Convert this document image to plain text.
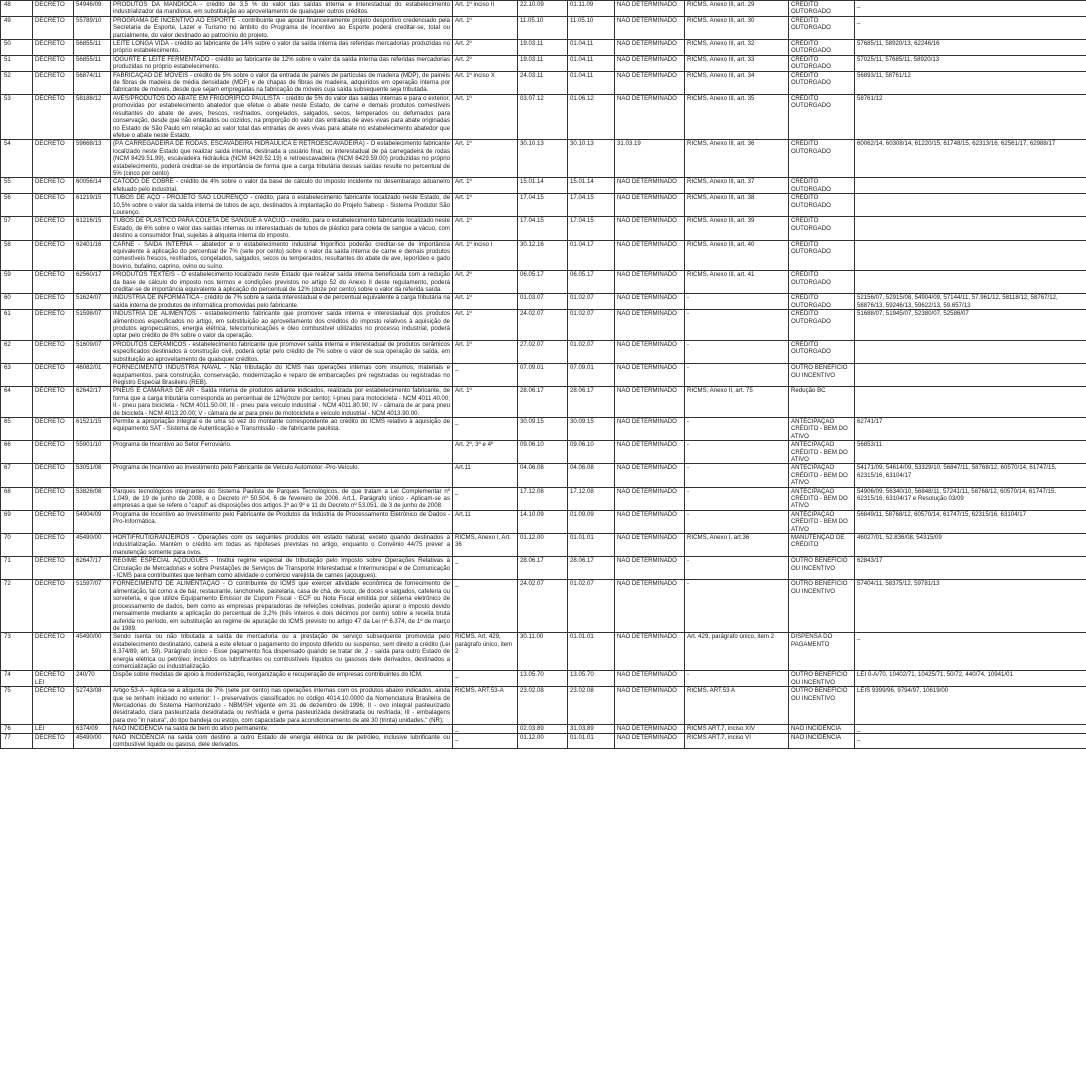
48	DECRETO	54946/09	PRODUTOS DA MANDIOCA - crédito de 3,5 % do valor das saídas interna e interestadual do estabelecimento industrializador da mandioca, em substituição ao aproveitamento de quaisquer outros créditos.	Art. 1º inciso II	22.10.09	01.11.09	NÃO DETERMINADO	RICMS, Anexo III, art. 29	CRÉDITO OUTORGADO	_
49	DECRETO	55789/10	PROGRAMA DE INCENTIVO AO ESPORTE - contribuinte que apoiar financeiramente projeto desportivo credenciado pela Secretaria de Esporte, Lazer e Turismo no âmbito do Programa de Incentivo ao Esporte poderá creditar-se, total ou parcialmente, do valor destinado ao patrocínio do projeto.	Art. 1º	11.05.10	11.05.10	NÃO DETERMINADO	RICMS, Anexo III, art. 30	CRÉDITO OUTORGADO	_
50	DECRETO	56855/11	LEITE LONGA VIDA - crédito ao fabricante de 14% sobre o valor da saída interna das referidas mercadorias produzidas no próprio estabelecimento.	Art. 2º	19.03.11	01.04.11	NÃO DETERMINADO	RICMS, Anexo III, art. 32	CRÉDITO OUTORGADO	57685/11, 58920/13, 62246/16
51	DECRETO	56855/11	IOGURTE E LEITE FERMENTADO - crédito ao fabricante de 12% sobre o valor da saída interna das referidas mercadorias produzidas no próprio estabelecimento.	Art. 2º	19.03.11	01.04.11	NÃO DETERMINADO	RICMS, Anexo III, art. 33	CRÉDITO OUTORGADO	57025/11, 57685/11, 58920/13
52	DECRETO	56874/11	FABRICAÇÃO DE MÓVEIS - crédito de 5% sobre o valor da entrada de painéis de partículas de madeira (MDP), de painéis de fibras de madeira de média densidade (MDF) e de chapas de fibras de madeira, adquiridos em operação interna por fabricante de móveis, desde que sejam empregadas na fabricação de móveis cuja saída subsequente seja tributada.	Art. 1º inciso X	24.03.11	01.04.11	NÃO DETERMINADO	RICMS, Anexo III, art. 34	CRÉDITO OUTORGADO	56893/11, 58761/12
53	DECRETO	58188/12	AVES/PRODUTOS DO ABATE EM FRIGORÍFICO PAULISTA - crédito de 5% do valor das saídas internas e para o exterior, promovidas por estabelecimento abatedor que efetue o abate neste Estado, de carne e demais produtos comestíveis resultantes do abate de aves, frescos, resfriados, congelados, salgados, secos, temperados ou defumados para conservação, desde que não enlatados ou cozidos, na proporção do valor das entradas de aves vivas para abate originadas no Estado de São Paulo em relação ao valor total das entradas de aves vivas para abate no estabelecimento abatedor que efetue o abate neste Estado.	Art. 1º	03.07.12	01.06.12	NÃO DETERMINADO	RICMS, Anexo III, art. 35	CRÉDITO OUTORGADO	58761/12
54	DECRETO	59668/13	(PÁ CARREGADEIRA DE RODAS, ESCAVADEIRA HIDRÁULICA E RETROESCAVADEIRA) - O estabelecimento fabricante localizado neste Estado que realizar saída interna, destinada a usuário final, ou interestadual de pá carregadeira de rodas (NCM 8429.51.99), escavadeira hidráulica (NCM 8429.52.19) e retroescavadeira (NCM 8429.59.00) produzidas no próprio estabelecimento, poderá creditar-se de importância de forma que a carga tributária dessas saídas resulte no percentual de 5% (cinco por cento)	Art. 1º	30.10.13	30.10.13	31.03.19	RICMS, Anexo III, art. 36	CRÉDITO OUTORGADO	60062/14, 60308/14, 61220/15, 61748/15, 62313/16, 62561/17, 62988/17
55	DECRETO	60056/14	CÁTODO DE COBRE - crédito de 4% sobre o valor da base de cálculo do imposto incidente no desembaraço aduaneiro efetuado pelo industrial.	Art. 1º	15.01.14	15.01.14	NÃO DETERMINADO	RICMS, Anexo III, art. 37	CRÉDITO OUTORGADO	
56	DECRETO	61219/15	TUBOS DE AÇO - PROJETO SÃO LOURENÇO - crédito, para o estabelecimento fabricante localizado neste Estado, de 10,5% sobre o valor da saída interna de tubos de aço, destinados à implantação do Projeto Sabesp - Sistema Produtor São Lourenço.	Art. 1º	17.04.15	17.04.15	NÃO DETERMINADO	RICMS, Anexo III, art. 38	CRÉDITO OUTORGADO	
57	DECRETO	61216/15	TUBOS DE PLÁSTICO PARA COLETA DE SANGUE A VÁCUO - crédito, para o estabelecimento fabricante localizado neste Estado, de 6% sobre o valor das saídas internas ou interestaduais de tubos de plástico para coleta de sangue a vácuo, com destino a consumidor final, sujeitas à alíquota interna do imposto.	Art. 1º	17.04.15	17.04.15	NÃO DETERMINADO	RICMS, Anexo III, art. 39	CRÉDITO OUTORGADO	
58	DECRETO	62401/16	CARNE - SAÍDA INTERNA - abatedor e o estabelecimento industrial frigorífico poderão creditar-se de importância equivalente à aplicação do percentual de 7% (sete por cento) sobre o valor da saída interna de carne e demais produtos comestíveis frescos, resfriados, congelados, salgados, secos ou temperados, resultantes do abate de ave, leporídeo e gado bovino, bufalino, caprino, ovino ou suíno.	Art. 1º inciso I	30.12.16	01.04.17	NÃO DETERMINADO	RICMS, Anexo III, art. 40	CRÉDITO OUTORGADO	
59	DECRETO	62560/17	PRODUTOS TÊXTEIS - O estabelecimento localizado neste Estado que realizar saída interna beneficiada com a redução da base de cálculo do imposto nos termos e condições previstos no artigo 52 do Anexo II deste regulamento, poderá creditar-se de importância equivalente à aplicação do percentual de 12% (doze por cento) sobre o valor da referida saída.	Art. 2º	06.05.17	06.05.17	NÃO DETERMINADO	RICMS, Anexo III, art. 41	CRÉDITO OUTORGADO	
60	DECRETO	51624/07	INDÚSTRIA DE INFORMÁTICA - crédito de 7% sobre a saída interestadual e de percentual equivalente à carga tributária na saída interna de produtos de informática promovidas pelo fabricante.	Art. 1º	01.03.07	01.02.07	NÃO DETERMINADO	-	CRÉDITO OUTORGADO	52156/07, 52915/08, 54904/09, 57144/11, 57.961/12, 58118/12, 58767/12, 58876/13, 59246/13, 59622/13, 59.657/13
61	DECRETO	51598/07	INDÚSTRIA DE ALIMENTOS - estabelecimento fabricante que promover saída interna e interestadual dos produtos alimentícios especificados no artigo, em substituição ao aproveitamento dos créditos do imposto relativos à aquisição de produtos agropecuários, energia elétrica, telecomunicações e óleo combustível utilizados no processo industrial, poderá optar pelo crédito de 8% sobre o valor da operação.	Art. 1º	24.02.07	01.02.07	NÃO DETERMINADO	-	CRÉDITO OUTORGADO	51688/07, 51945/07, 52380/07, 52586/07
62	DECRETO	51609/07	PRODUTOS CERÂMICOS - estabelecimento fabricante que promover saída interna e interestadual de produtos cerâmicos especificados destinados à construção civil, poderá optar pelo crédito de 7% sobre o valor de sua operação de saída, em substituição ao aproveitamento de quaisquer créditos.	Art. 1º	27.02.07	01.02.07	NÃO DETERMINADO	-	CRÉDITO OUTORGADO	
63	DECRETO	46082/01	FORNECIMENTO INDÚSTRIA NAVAL - Não tributação do ICMS nas operações internas com insumos, materiais e equipamentos, para construção, conservação, modernização e reparo de embarcações pré registradas ou registradas no Registro Especial Brasileiro (REB).	_	07.09.01	07.09.01	NÃO DETERMINADO	-	OUTRO BENEFÍCIO OU INCENTIVO	
64	DECRETO	62642/17	PNEUS E CÂMARAS DE AR - Saída interna de produtos adiante indicados, realizada por estabelecimento fabricante, de forma que a carga tributária corresponda ao percentual de 12%(doze por cento): I-pneu para motocicleta - NCM 4011.40.00; II - pneu para bicicleta - NCM 4011.50.00; III - pneu para veículo industrial - NCM 4011.80.90; IV - câmara de ar para pneu de bicicleta - NCM 4013.20.00; V - câmara de ar para pneu de motocicleta e veículo industrial - NCM 4013.90.00.	Art. 1º	28.06.17	28.06.17	NÃO DETERMINADO	RICMS, Anexo II, art. 75	Redução BC	
65	DECRETO	61521/15	Permite a apropriação integral e de uma só vez do montante correspondente ao crédito do ICMS relativo à aquisição de equipamento SAT - Sistema de Autenticação e Transmissão - de fabricante paulista.	_	30.09.15	30.09.15	NÃO DETERMINADO	-	ANTECIPAÇÃO CRÉDITO - BEM DO ATIVO	62741/17
66	DECRETO	55901/10	Programa de Incentivo ao Setor Ferroviário.	Art. 2º, 3º e 4º	09.06.10	09.06.10	NÃO DETERMINADO	-	ANTECIPAÇÃO CRÉDITO - BEM DO ATIVO	56853/11
67	DECRETO	53051/08	Programa de Incentivo ao Investimento pelo Fabricante de Veículo Automotor -Pro-Veículo.	Art.11	04.06.08	04.06.08	NÃO DETERMINADO	-	ANTECIPAÇÃO CRÉDITO - BEM DO ATIVO	54171/09, 54614/09, 53329/10, 56847/11, 58768/12, 60570/14, 61747/15, 62315/16, 63104/17
68	DECRETO	53826/08	Parques tecnológicos integrantes do Sistema Paulista de Parques Tecnológicos, de que tratam a Lei Complementar nº 1.049, de 19 de junho de 2008, e o Decreto nº 50.504, 6 de fevereiro de 2006. Art.1, Parágrafo único - Aplicam-se as empresas a que se refere o "caput" as disposições dos artigos 3º ao 9º e 11 do Decreto nº 53.051, de 3 de junho de 2008.	_	17.12.08	17.12.08	NÃO DETERMINADO	-	ANTECIPAÇÃO CRÉDITO - BEM DO ATIVO	54906/09, 56340/10, 56848/11, 57241/11, 58768/12, 60570/14, 61747/15, 62315/16, 63104/17 e Resolução 03/09
69	DECRETO	54904/09	Programa de Incentivo ao Investimento pelo Fabricante de Produtos da Indústria de Processamento Eletrônico de Dados - Pro-Informática.	Art.11	14.10.09	01.09.09	NÃO DETERMINADO	-	ANTECIPAÇÃO CRÉDITO - BEM DO ATIVO	56849/11, 58768/12, 60570/14, 61747/15, 62315/16, 63104/17
70	DECRETO	45490/00	HORTIFRUTIGRANJEIROS - Operações com os seguintes produtos em estado natural, exceto quando destinados à industrialização. Mantém o crédito em todas as hipóteses previstas no artigo, enquanto o Convênio 44/75 prever a manutenção somente para ovos.	RICMS, Anexo I, Art. 36	01.12.00	01.01.01	NÃO DETERMINADO	RICMS, Anexo I, art.36	MANUTENÇÃO DE CRÉDITO	46027/01, 52.836/08, 54315/09
71	DECRETO	62647/17	REGIME ESPECIAL AÇOUGUES - Institui regime especial de tributação pelo Imposto sobre Operações Relativas à Circulação de Mercadorias e sobre Prestações de Serviços de Transporte Interestadual e Intermunicipal e de Comunicação - ICMS para contribuintes que tenham como atividade o comércio varejista de carnes (açougues).	_	28.06.17	28.06.17	NÃO DETERMINADO	-	OUTRO BENEFÍCIO OU INCENTIVO	62843/17
72	DECRETO	51597/07	FORNECIMENTO DE ALIMENTAÇÃO - O contribuinte do ICMS que exercer atividade econômica de fornecimento de alimentação, tal como a de bar, restaurante, lanchonete, pastelaria, casa de chá, de suco, de doces e salgados, cafeteria ou sorveteria, e que utilize Equipamento Emissor de Cupom Fiscal - ECF ou Nota Fiscal emitida por sistema eletrônico de processamento de dados, bem como as empresas preparadoras de refeições coletivas, poderão apurar o imposto devido mensalmente mediante a aplicação do percentual de 3,2% (três inteiros e dois décimos por cento) sobre a receita bruta auferida no período, em substituição ao regime de apuração do ICMS previsto no artigo 47 da Lei nº 6.374, de 1º de março de 1989.	_	24.02.07	01.02.07	NÃO DETERMINADO	-	OUTRO BENEFÍCIO OU INCENTIVO	57404/11, 58375/12, 59781/13
73	DECRETO	45490/00	Sendo isenta ou não tributada a saída de mercadoria ou a prestação de serviço subsequente promovida pelo estabelecimento destinatário, caberá a este efetuar o pagamento do imposto diferido ou suspenso, sem direito a crédito (Lei 6.374/89, art. 59). Parágrafo único - Esse pagamento fica dispensado quando se tratar de: 2 - saída para outro Estado de energia elétrica ou petróleo, incluídos os lubrificantes ou combustíveis líquidos ou gasosos dele derivados, destinados a comercialização ou industrialização.	RICMS, Art. 429, parágrafo único, item 2	30.11.00	01.01.01	NÃO DETERMINADO	Art. 429, parágrafo único, item 2	DISPENSA DO PAGAMENTO	_
74	DECRETO LEI	240/70	Dispõe sobre medidas de apoio à modernização, reorganização e recuperação de empresas contribuintes do ICM.	_	13.05.70	13.05.70	NÃO DETERMINADO	-	OUTRO BENEFÍCIO OU INCENTIVO	LEI 0-A/70, 10402/71, 10425/71, 50/72, 440/74, 10941/01
75	DECRETO	52743/08	Artigo 53-A - Aplica-se a alíquota de 7% (sete por cento) nas operações internas com os produtos abaixo indicados, ainda que se tenham iniciado no exterior: I - preservativos classificados no código 4014.10.0000 da Nomenclatura Brasileira de Mercadorias do Sistema Harmonizado - NBM/SH vigente em 31 de dezembro de 1996; II - ovo integral pasteurizado desidratado, clara pasteurizada desidratada ou resfriada e gema pasteurizada desidratada ou resfriada; III - embalagens para ovo "in natura", do tipo bandeja ou estojo, com capacidade para acondicionamento de até 30 (trinta) unidades." (NR);	RICMS, ART.53-A	23.02.08	23.02.08	NÃO DETERMINADO	RICMS, ART.53 A	OUTRO BENEFÍCIO OU INCENTIVO	LEIS 9399/96, 9794/97, 10619/00
76	LEI	6374/09	NÃO INCIDÊNCIA na saída de bem do ativo permanente.	_	02.03.89	31.03.89	NÃO DETERMINADO	RICMS ART.7, inciso XIV	NÃO INCIDÊNCIA	_
77	DECRETO	45490/00	NÃO INCIDÊNCIA na saída com destino a outro Estado de energia elétrica ou de petróleo, inclusive lubrificante ou combustível líquido ou gasoso, dele derivados.	_	01.12.00	01.01.01	NÃO DETERMINADO	RICMS ART.7, inciso VI	NÃO INCIDÊNCIA	_
